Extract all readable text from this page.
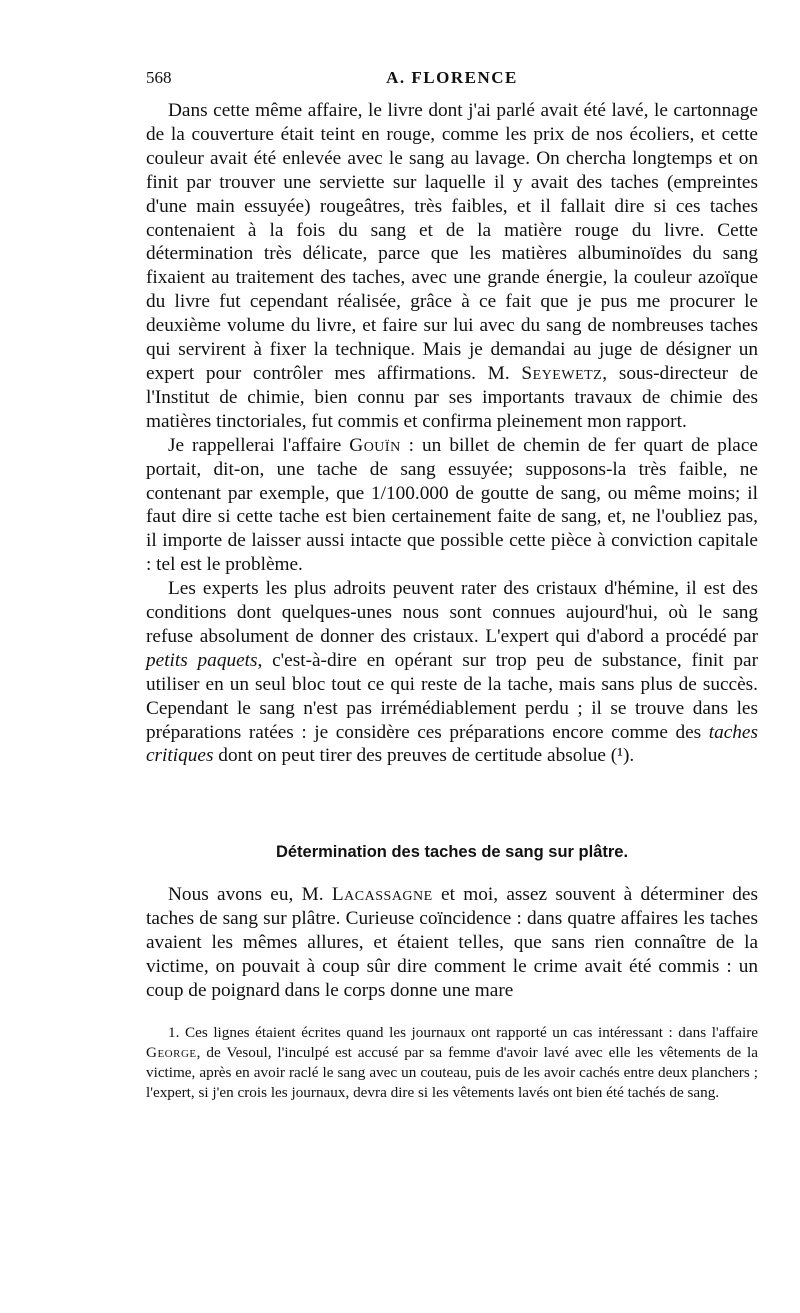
568	A. FLORENCE

Dans cette même affaire, le livre dont j'ai parlé avait été lavé, le cartonnage de la couverture était teint en rouge, comme les prix de nos écoliers, et cette couleur avait été enlevée avec le sang au lavage. On chercha longtemps et on finit par trouver une serviette sur laquelle il y avait des taches (empreintes d'une main essuyée) rougeâtres, très faibles, et il fallait dire si ces taches contenaient à la fois du sang et de la matière rouge du livre. Cette détermination très délicate, parce que les matières albuminoïdes du sang fixaient au traitement des taches, avec une grande énergie, la couleur azoïque du livre fut cependant réalisée, grâce à ce fait que je pus me procurer le deuxième volume du livre, et faire sur lui avec du sang de nombreuses taches qui servirent à fixer la technique. Mais je demandai au juge de désigner un expert pour contrôler mes affirmations. M. Seyewetz, sous-directeur de l'Institut de chimie, bien connu par ses importants travaux de chimie des matières tinctoriales, fut commis et confirma pleinement mon rapport.

Je rappellerai l'affaire Gouïn : un billet de chemin de fer quart de place portait, dit-on, une tache de sang essuyée; supposons-la très faible, ne contenant par exemple, que 1/100.000 de goutte de sang, ou même moins; il faut dire si cette tache est bien certainement faite de sang, et, ne l'oubliez pas, il importe de laisser aussi intacte que possible cette pièce à conviction capitale : tel est le problème.

Les experts les plus adroits peuvent rater des cristaux d'hémine, il est des conditions dont quelques-unes nous sont connues aujourd'hui, où le sang refuse absolument de donner des cristaux. L'expert qui d'abord a procédé par petits paquets, c'est-à-dire en opérant sur trop peu de substance, finit par utiliser en un seul bloc tout ce qui reste de la tache, mais sans plus de succès. Cependant le sang n'est pas irrémédiablement perdu ; il se trouve dans les préparations ratées : je considère ces préparations encore comme des taches critiques dont on peut tirer des preuves de certitude absolue (¹).

Détermination des taches de sang sur plâtre.

Nous avons eu, M. Lacassagne et moi, assez souvent à déterminer des taches de sang sur plâtre. Curieuse coïncidence : dans quatre affaires les taches avaient les mêmes allures, et étaient telles, que sans rien connaître de la victime, on pouvait à coup sûr dire comment le crime avait été commis : un coup de poignard dans le corps donne une mare

1. Ces lignes étaient écrites quand les journaux ont rapporté un cas intéressant : dans l'affaire George, de Vesoul, l'inculpé est accusé par sa femme d'avoir lavé avec elle les vêtements de la victime, après en avoir raclé le sang avec un couteau, puis de les avoir cachés entre deux planchers ; l'expert, si j'en crois les journaux, devra dire si les vêtements lavés ont bien été tachés de sang.
